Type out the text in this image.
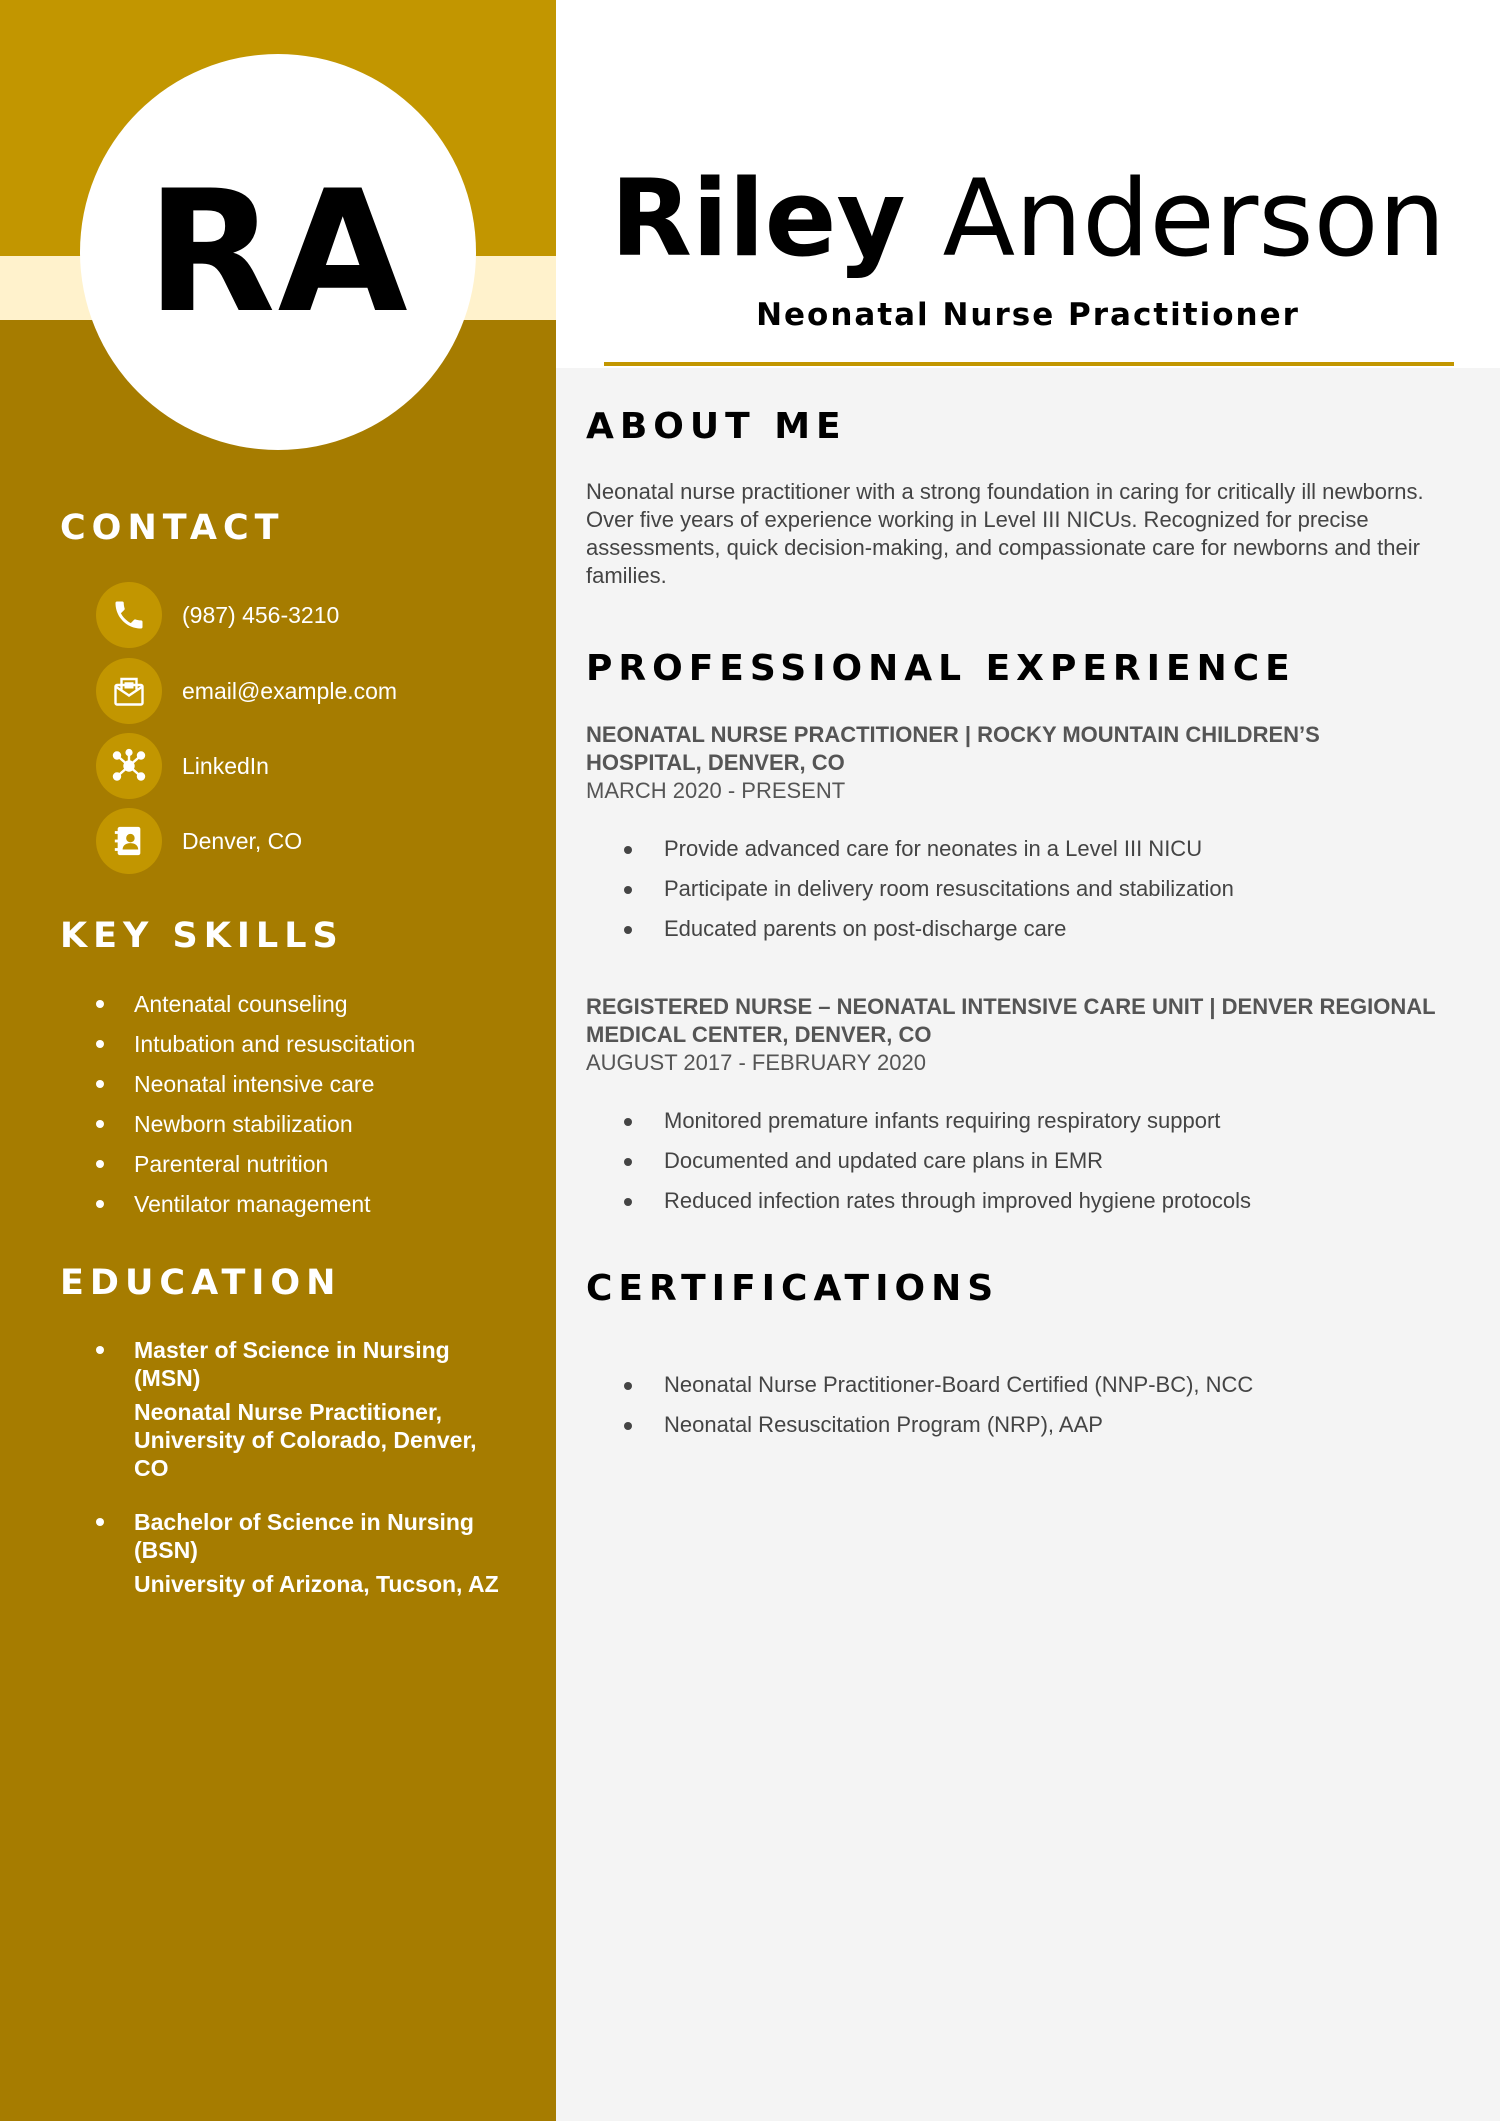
RA	Riley Anderson
Neonatal Nurse Practitioner
CONTACT
(987) 456-3210
email@example.com
LinkedIn
Denver, CO
KEY SKILLS
Antenatal counseling
Intubation and resuscitation
Neonatal intensive care
Newborn stabilization
Parenteral nutrition
Ventilator management
EDUCATION
Master of Science in Nursing (MSN)
Neonatal Nurse Practitioner, University of Colorado, Denver, CO
Bachelor of Science in Nursing (BSN)
University of Arizona, Tucson, AZ
ABOUT ME

Neonatal nurse practitioner with a strong foundation in caring for critically ill newborns. Over five years of experience working in Level III NICUs. Recognized for precise assessments, quick decision-making, and compassionate care for newborns and their families.

PROFESSIONAL EXPERIENCE

NEONATAL NURSE PRACTITIONER | ROCKY MOUNTAIN CHILDREN’S HOSPITAL, DENVER, CO

MARCH 2020 - PRESENT

Provide advanced care for neonates in a Level III NICU
Participate in delivery room resuscitations and stabilization
Educated parents on post-discharge care

REGISTERED NURSE – NEONATAL INTENSIVE CARE UNIT | DENVER REGIONAL MEDICAL CENTER, DENVER, CO

AUGUST 2017 - FEBRUARY 2020

Monitored premature infants requiring respiratory support
Documented and updated care plans in EMR
Reduced infection rates through improved hygiene protocols
CERTIFICATIONS
Neonatal Nurse Practitioner-Board Certified (NNP-BC), NCC
Neonatal Resuscitation Program (NRP), AAP
